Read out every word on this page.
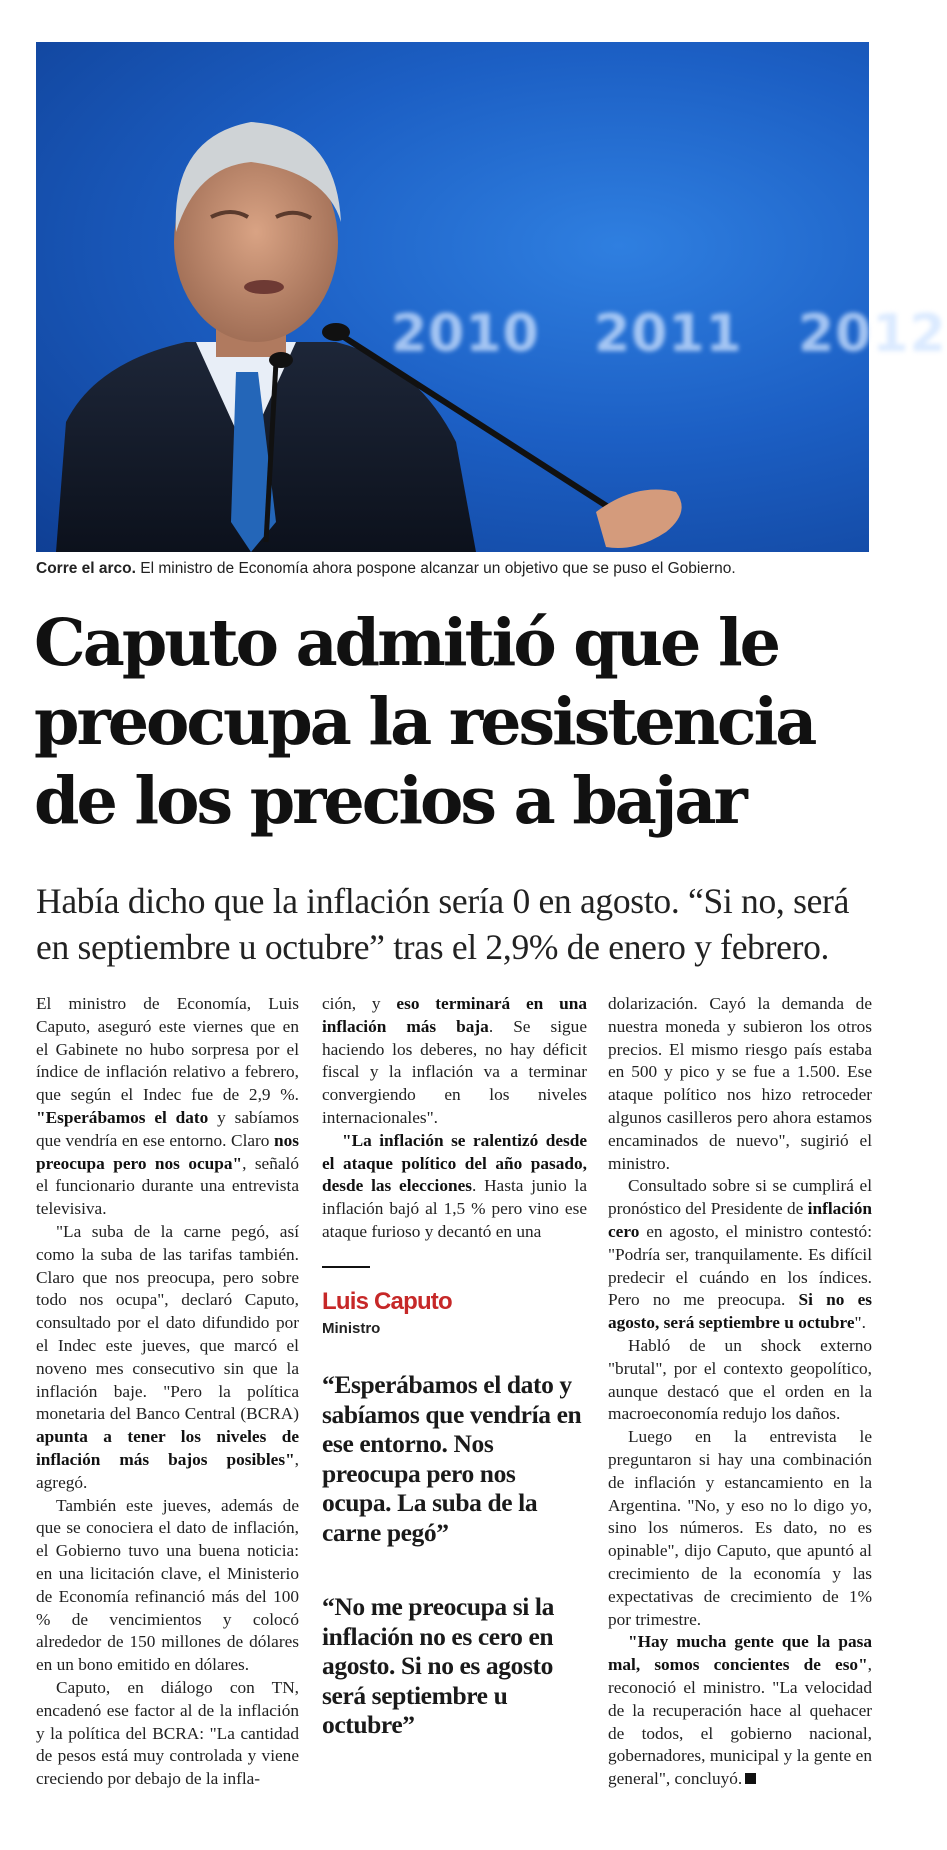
2010 2011 2012
Corre el arco. El ministro de Economía ahora pospone alcanzar un objetivo que se puso el Gobierno.
Caputo admitió que le preocupa la resistencia de los precios a bajar
Había dicho que la inflación sería 0 en agosto. “Si no, será en septiembre u octubre” tras el 2,9% de enero y febrero.

El ministro de Economía, Luis Caputo, aseguró este viernes que en el Gabinete no hubo sorpresa por el índice de inflación relativo a febrero, que según el Indec fue de 2,9 %. "Esperábamos el dato y sabíamos que vendría en ese entorno. Claro nos preocupa pero nos ocupa", señaló el funcionario durante una entrevista televisiva.

"La suba de la carne pegó, así como la suba de las tarifas también. Claro que nos preocupa, pero sobre todo nos ocupa", declaró Caputo, consultado por el dato difundido por el Indec este jueves, que marcó el noveno mes consecutivo sin que la inflación baje. "Pero la política monetaria del Banco Central (BCRA) apunta a tener los niveles de inflación más bajos posibles", agregó.

También este jueves, además de que se conociera el dato de inflación, el Gobierno tuvo una buena noticia: en una licitación clave, el Ministerio de Economía refinanció más del 100 % de vencimientos y colocó alrededor de 150 millones de dólares en un bono emitido en dólares.

Caputo, en diálogo con TN, encadenó ese factor al de la inflación y la política del BCRA: "La cantidad de pesos está muy controlada y viene creciendo por debajo de la infla-

ción, y eso terminará en una inflación más baja. Se sigue haciendo los deberes, no hay déficit fiscal y la inflación va a terminar convergiendo en los niveles internacionales".

"La inflación se ralentizó desde el ataque político del año pasado, desde las elecciones. Hasta junio la inflación bajó al 1,5 % pero vino ese ataque furioso y decantó en una

Luis Caputo
Ministro
“Esperábamos el dato y sabíamos que vendría en ese entorno. Nos preocupa pero nos ocupa. La suba de la carne pegó”
“No me preocupa si la inflación no es cero en agosto. Si no es agosto será septiembre u octubre”

dolarización. Cayó la demanda de nuestra moneda y subieron los otros precios. El mismo riesgo país estaba en 500 y pico y se fue a 1.500. Ese ataque político nos hizo retroceder algunos casilleros pero ahora estamos encaminados de nuevo", sugirió el ministro.

Consultado sobre si se cumplirá el pronóstico del Presidente de inflación cero en agosto, el ministro contestó: "Podría ser, tranquilamente. Es difícil predecir el cuándo en los índices. Pero no me preocupa. Si no es agosto, será septiembre u octubre".

Habló de un shock externo "brutal", por el contexto geopolítico, aunque destacó que el orden en la macroeconomía redujo los daños.

Luego en la entrevista le preguntaron si hay una combinación de inflación y estancamiento en la Argentina. "No, y eso no lo digo yo, sino los números. Es dato, no es opinable", dijo Caputo, que apuntó al crecimiento de la economía y las expectativas de crecimiento de 1% por trimestre.

"Hay mucha gente que la pasa mal, somos concientes de eso", reconoció el ministro. "La velocidad de la recuperación hace al quehacer de todos, el gobierno nacional, gobernadores, municipal y la gente en general", concluyó.
